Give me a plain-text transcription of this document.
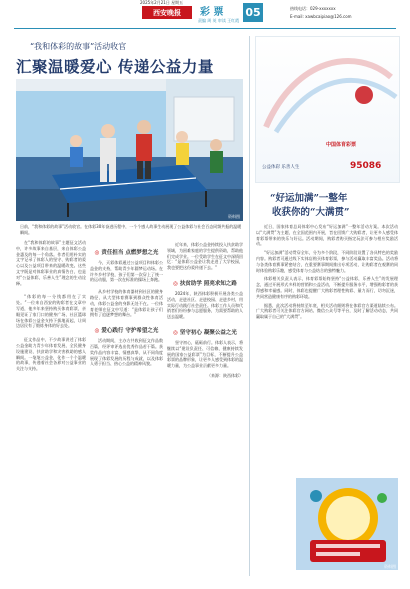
2025年2月21日 星期五
西安晚报	彩 票
责编 周 英 审读 王红霞
05	热线电话：029-xxxxxxx
E-mail: xawbcaipiao@126.com
“我和体彩的故事”活动收官
汇聚温暖爱心 传递公益力量
资料图
日前，“我和体彩的故事”活动收官。在体彩30年奋进历程中，一个个感人故事生动展现了公益体彩与社会百态同频共振的温暖瞬间。
在“我和体彩的故事”主题征文活动中，许多故事来自基层，来自体彩公益金惠及的每一个角落。作者们用朴实的文字记录了体彩人的坚守、购彩者的爱心以及公益项目带来的温暖改变。这些文字既是对体彩事业的真情告白，也是对“公益体彩，乐善人生”理念的生动诠释。
“体彩的每一分钱都用在了实处。”一位来自西安的购彩者在文章中写道，他多年来坚持购买体育彩票，亲眼见证了家门口的健身广场、社区篮球场在体彩公益金支持下拔地而起，让周边居民有了锻炼身体的好去处。
征文作品中，不少故事讲述了体彩公益金助力青少年体育发展、全民健身设施建设、扶贫助学和灾害救助的感人瞬间。一笔笔公益金，化作一个个温暖的故事，传递着社会各界对公益事业的关注与支持。
◎ 责任担当 点燃梦想之光
今，天彩体彩通过公益项目和体彩公益金的支持，帮助青少年圆梦运动场。在许多乡村学校，孩子们第一次穿上了统一的运动服，第一次在标准的操场上奔跑。
从乡村学校的体育器材到社区的健身路径，从大型体育赛事到群众性体育活动，体彩公益金的身影无处不在。一位体育老师在征文中写道：“是体彩让孩子们拥有了追逐梦想的舞台。”
◎ 爱心践行 守护希望之光
活动期间，主办方共收到征文作品数百篇，经评审评选出优秀作品若干篇。获奖作品内容丰富、情感真挚，从不同角度展现了体彩发展的历程与成就，以及体彩人勇于担当、热心公益的精神风貌。
近年来，体彩公益金持续投入扶贫助学领域，为困难家庭的学生提供资助，帮助他们完成学业。一位受助学生在征文中深情回忆：“是体彩公益金让我走进了大学校园，我也要把这份爱传递下去。”
◎ 扶贫助学 照亮求知之路
2024年，陕西体彩积极开展各类公益活动，走进社区、走进校园、走进乡村，用实际行动践行社会责任。体彩工作人员和代销者们纷纷参与志愿服务，为需要帮助的人送去温暖。
◎ 坚守初心 凝聚公益之光
坚守初心，砥砺前行。体彩人表示，将继续以“建设负责任、可信赖、健康持续发展的国家公益彩票”为目标，不断提升公益彩票的品牌形象，让更多人感受到体彩的温暖力量，为公益事业贡献更多力量。
（来源：陕西体彩）
中国体育彩票
公益体彩 乐善人生	95086
“好运加满”一整年
收获你的“大满贯”
近日，国家体育总局体彩中心发布“好运加满”一整年活动方案。本次活动以“大满贯”为主题，在全国范围内开展，旨在回馈广大购彩者，让更多人感受体育彩票带来的快乐与好运。活动期间，购彩者购买指定玩法可参与相应奖励活动。
“好运加满”活动贯穿全年，分为多个阶段，不同阶段设置了各具特色的奖励内容。购彩者可通过线下实体店购买体育彩票，参与活动赢取丰富奖品。活动将与各类体育赛事紧密结合，在重要赛事期间推出专项活动，让购彩者在观赛的同时体验购彩乐趣，感受体育与公益结合的独特魅力。
体彩相关负责人表示，体育彩票始终坚持“公益体彩，乐善人生”的发展理念，通过开展形式多样的营销和公益活动，不断提升服务水平，增强购彩者的获得感和幸福感。同时，体彩也提醒广大购彩者理性购彩、量力而行，切勿沉迷，共同营造健康有序的购彩环境。
据悉，此次活动将持续至年底，相关活动细则将在体彩官方渠道陆续公布。广大购彩者可关注体彩官方网站、微信公众号等平台，及时了解活动动态，共同赢取属于自己的“大满贯”。
资料图
